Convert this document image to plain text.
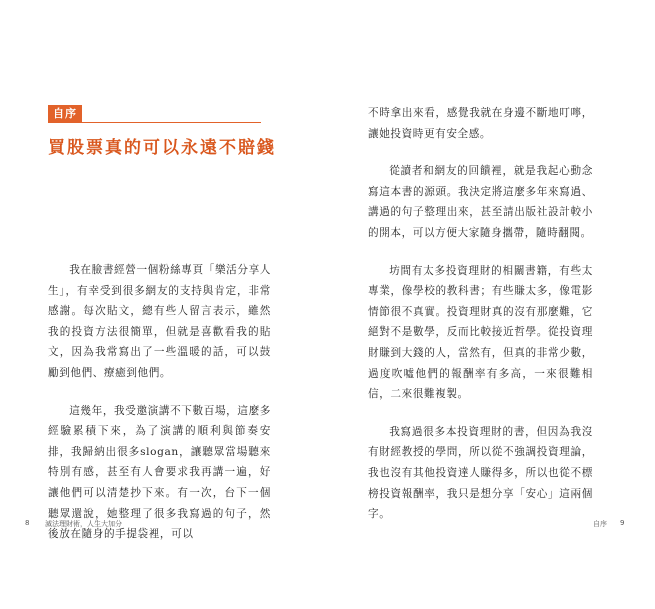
自序
買股票真的可以永遠不賠錢

我在臉書經營一個粉絲專頁「樂活分享人生」，有幸受到很多網友的支持與肯定，非常感謝。每次貼文，總有些人留言表示，雖然我的投資方法很簡單，但就是喜歡看我的貼文，因為我常寫出了一些溫暖的話，可以鼓勵到他們、療癒到他們。

這幾年，我受邀演講不下數百場，這麼多經驗累積下來，為了演講的順利與節奏安排，我歸納出很多slogan，讓聽眾當場聽來特別有感，甚至有人會要求我再講一遍，好讓他們可以清楚抄下來。有一次，台下一個聽眾還說，她整理了很多我寫過的句子，然後放在隨身的手提袋裡，可以

8 滅法理財術，人生大加分

不時拿出來看，感覺我就在身邊不斷地叮嚀，讓她投資時更有安全感。

從讀者和網友的回饋裡，就是我起心動念寫這本書的源頭。我決定將這麼多年來寫過、講過的句子整理出來，甚至請出版社設計較小的開本，可以方便大家隨身攜帶，隨時翻閱。

坊間有太多投資理財的相關書籍，有些太專業，像學校的教科書；有些賺太多，像電影情節很不真實。投資理財真的沒有那麼難，它絕對不是數學，反而比較接近哲學。從投資理財賺到大錢的人，當然有，但真的非常少數，過度吹噓他們的報酬率有多高，一來很難相信，二來很難複製。

我寫過很多本投資理財的書，但因為我沒有財經教授的學問，所以從不強調投資理論，我也沒有其他投資達人賺得多，所以也從不標榜投資報酬率，我只是想分享「安心」這兩個字。

自序 9
